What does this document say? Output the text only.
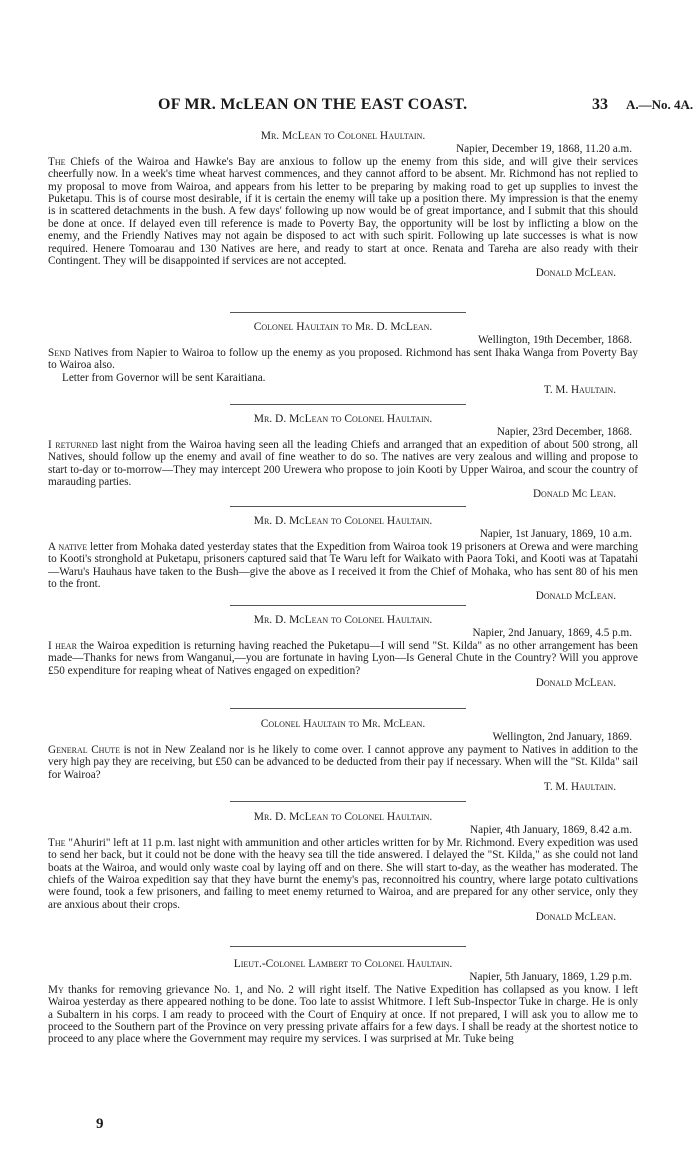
OF MR. McLEAN ON THE EAST COAST.	33 A.—No. 4A.
Mr. McLean to Colonel Haultain.
Napier, December 19, 1868, 11.20 a.m.
The Chiefs of the Wairoa and Hawke's Bay are anxious to follow up the enemy from this side, and will give their services cheerfully now. In a week's time wheat harvest commences, and they cannot afford to be absent. Mr. Richmond has not replied to my proposal to move from Wairoa, and appears from his letter to be preparing by making road to get up supplies to invest the Puketapu. This is of course most desirable, if it is certain the enemy will take up a position there. My impression is that the enemy is in scattered detachments in the bush. A few days' following up now would be of great importance, and I submit that this should be done at once. If delayed even till reference is made to Poverty Bay, the opportunity will be lost by inflicting a blow on the enemy, and the Friendly Natives may not again be disposed to act with such spirit. Following up late successes is what is now required. Henere Tomoarau and 130 Natives are here, and ready to start at once. Renata and Tareha are also ready with their Contingent. They will be disappointed if services are not accepted.
Donald McLean.
Colonel Haultain to Mr. D. McLean.
Wellington, 19th December, 1868.
Send Natives from Napier to Wairoa to follow up the enemy as you proposed. Richmond has sent Ihaka Wanga from Poverty Bay to Wairoa also.
Letter from Governor will be sent Karaitiana.
T. M. Haultain.
Mr. D. McLean to Colonel Haultain.
Napier, 23rd December, 1868.
I returned last night from the Wairoa having seen all the leading Chiefs and arranged that an expedition of about 500 strong, all Natives, should follow up the enemy and avail of fine weather to do so. The natives are very zealous and willing and propose to start to-day or to-morrow—They may intercept 200 Urewera who propose to join Kooti by Upper Wairoa, and scour the country of marauding parties.
Donald Mc Lean.
Mr. D. McLean to Colonel Haultain.
Napier, 1st January, 1869, 10 a.m.
A native letter from Mohaka dated yesterday states that the Expedition from Wairoa took 19 prisoners at Orewa and were marching to Kooti's stronghold at Puketapu, prisoners captured said that Te Waru left for Waikato with Paora Toki, and Kooti was at Tapatahi—Waru's Hauhaus have taken to the Bush—give the above as I received it from the Chief of Mohaka, who has sent 80 of his men to the front.
Donald McLean.
Mr. D. McLean to Colonel Haultain.
Napier, 2nd January, 1869, 4.5 p.m.
I hear the Wairoa expedition is returning having reached the Puketapu—I will send "St. Kilda" as no other arrangement has been made—Thanks for news from Wanganui,—you are fortunate in having Lyon—Is General Chute in the Country? Will you approve £50 expenditure for reaping wheat of Natives engaged on expedition?
Donald McLean.
Colonel Haultain to Mr. McLean.
Wellington, 2nd January, 1869.
General Chute is not in New Zealand nor is he likely to come over. I cannot approve any payment to Natives in addition to the very high pay they are receiving, but £50 can be advanced to be deducted from their pay if necessary. When will the "St. Kilda" sail for Wairoa?
T. M. Haultain.
Mr. D. McLean to Colonel Haultain.
Napier, 4th January, 1869, 8.42 a.m.
The "Ahuriri" left at 11 p.m. last night with ammunition and other articles written for by Mr. Richmond. Every expedition was used to send her back, but it could not be done with the heavy sea till the tide answered. I delayed the "St. Kilda," as she could not land boats at the Wairoa, and would only waste coal by laying off and on there. She will start to-day, as the weather has moderated. The chiefs of the Wairoa expedition say that they have burnt the enemy's pas, reconnoitred his country, where large potato cultivations were found, took a few prisoners, and failing to meet enemy returned to Wairoa, and are prepared for any other service, only they are anxious about their crops.
Donald McLean.
Lieut.-Colonel Lambert to Colonel Haultain.
Napier, 5th January, 1869, 1.29 p.m.
My thanks for removing grievance No. 1, and No. 2 will right itself. The Native Expedition has collapsed as you know. I left Wairoa yesterday as there appeared nothing to be done. Too late to assist Whitmore. I left Sub-Inspector Tuke in charge. He is only a Subaltern in his corps. I am ready to proceed with the Court of Enquiry at once. If not prepared, I will ask you to allow me to proceed to the Southern part of the Province on very pressing private affairs for a few days. I shall be ready at the shortest notice to proceed to any place where the Government may require my services. I was surprised at Mr. Tuke being
9
